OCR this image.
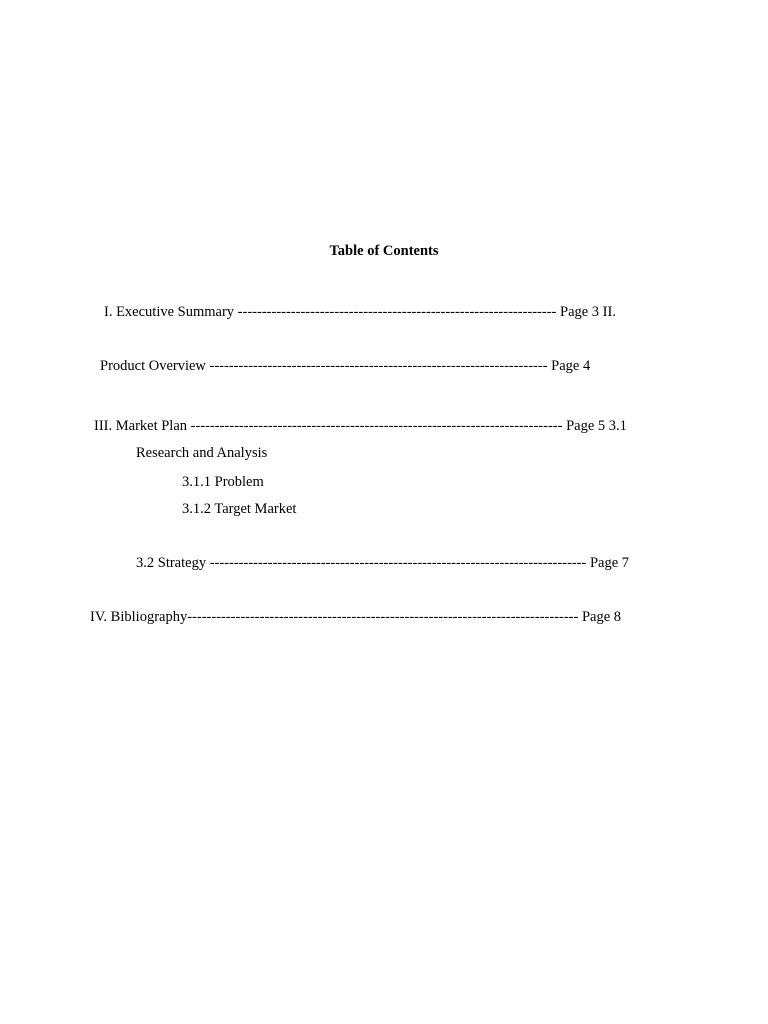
Table of Contents
I. Executive Summary ------------------------------------------------------------------ Page 3 II.
Product Overview ---------------------------------------------------------------------- Page 4
III. Market Plan ----------------------------------------------------------------------------- Page 5 3.1
Research and Analysis
3.1.1 Problem
3.1.2 Target Market
3.2 Strategy ------------------------------------------------------------------------------ Page 7
IV. Bibliography--------------------------------------------------------------------------------- Page 8
